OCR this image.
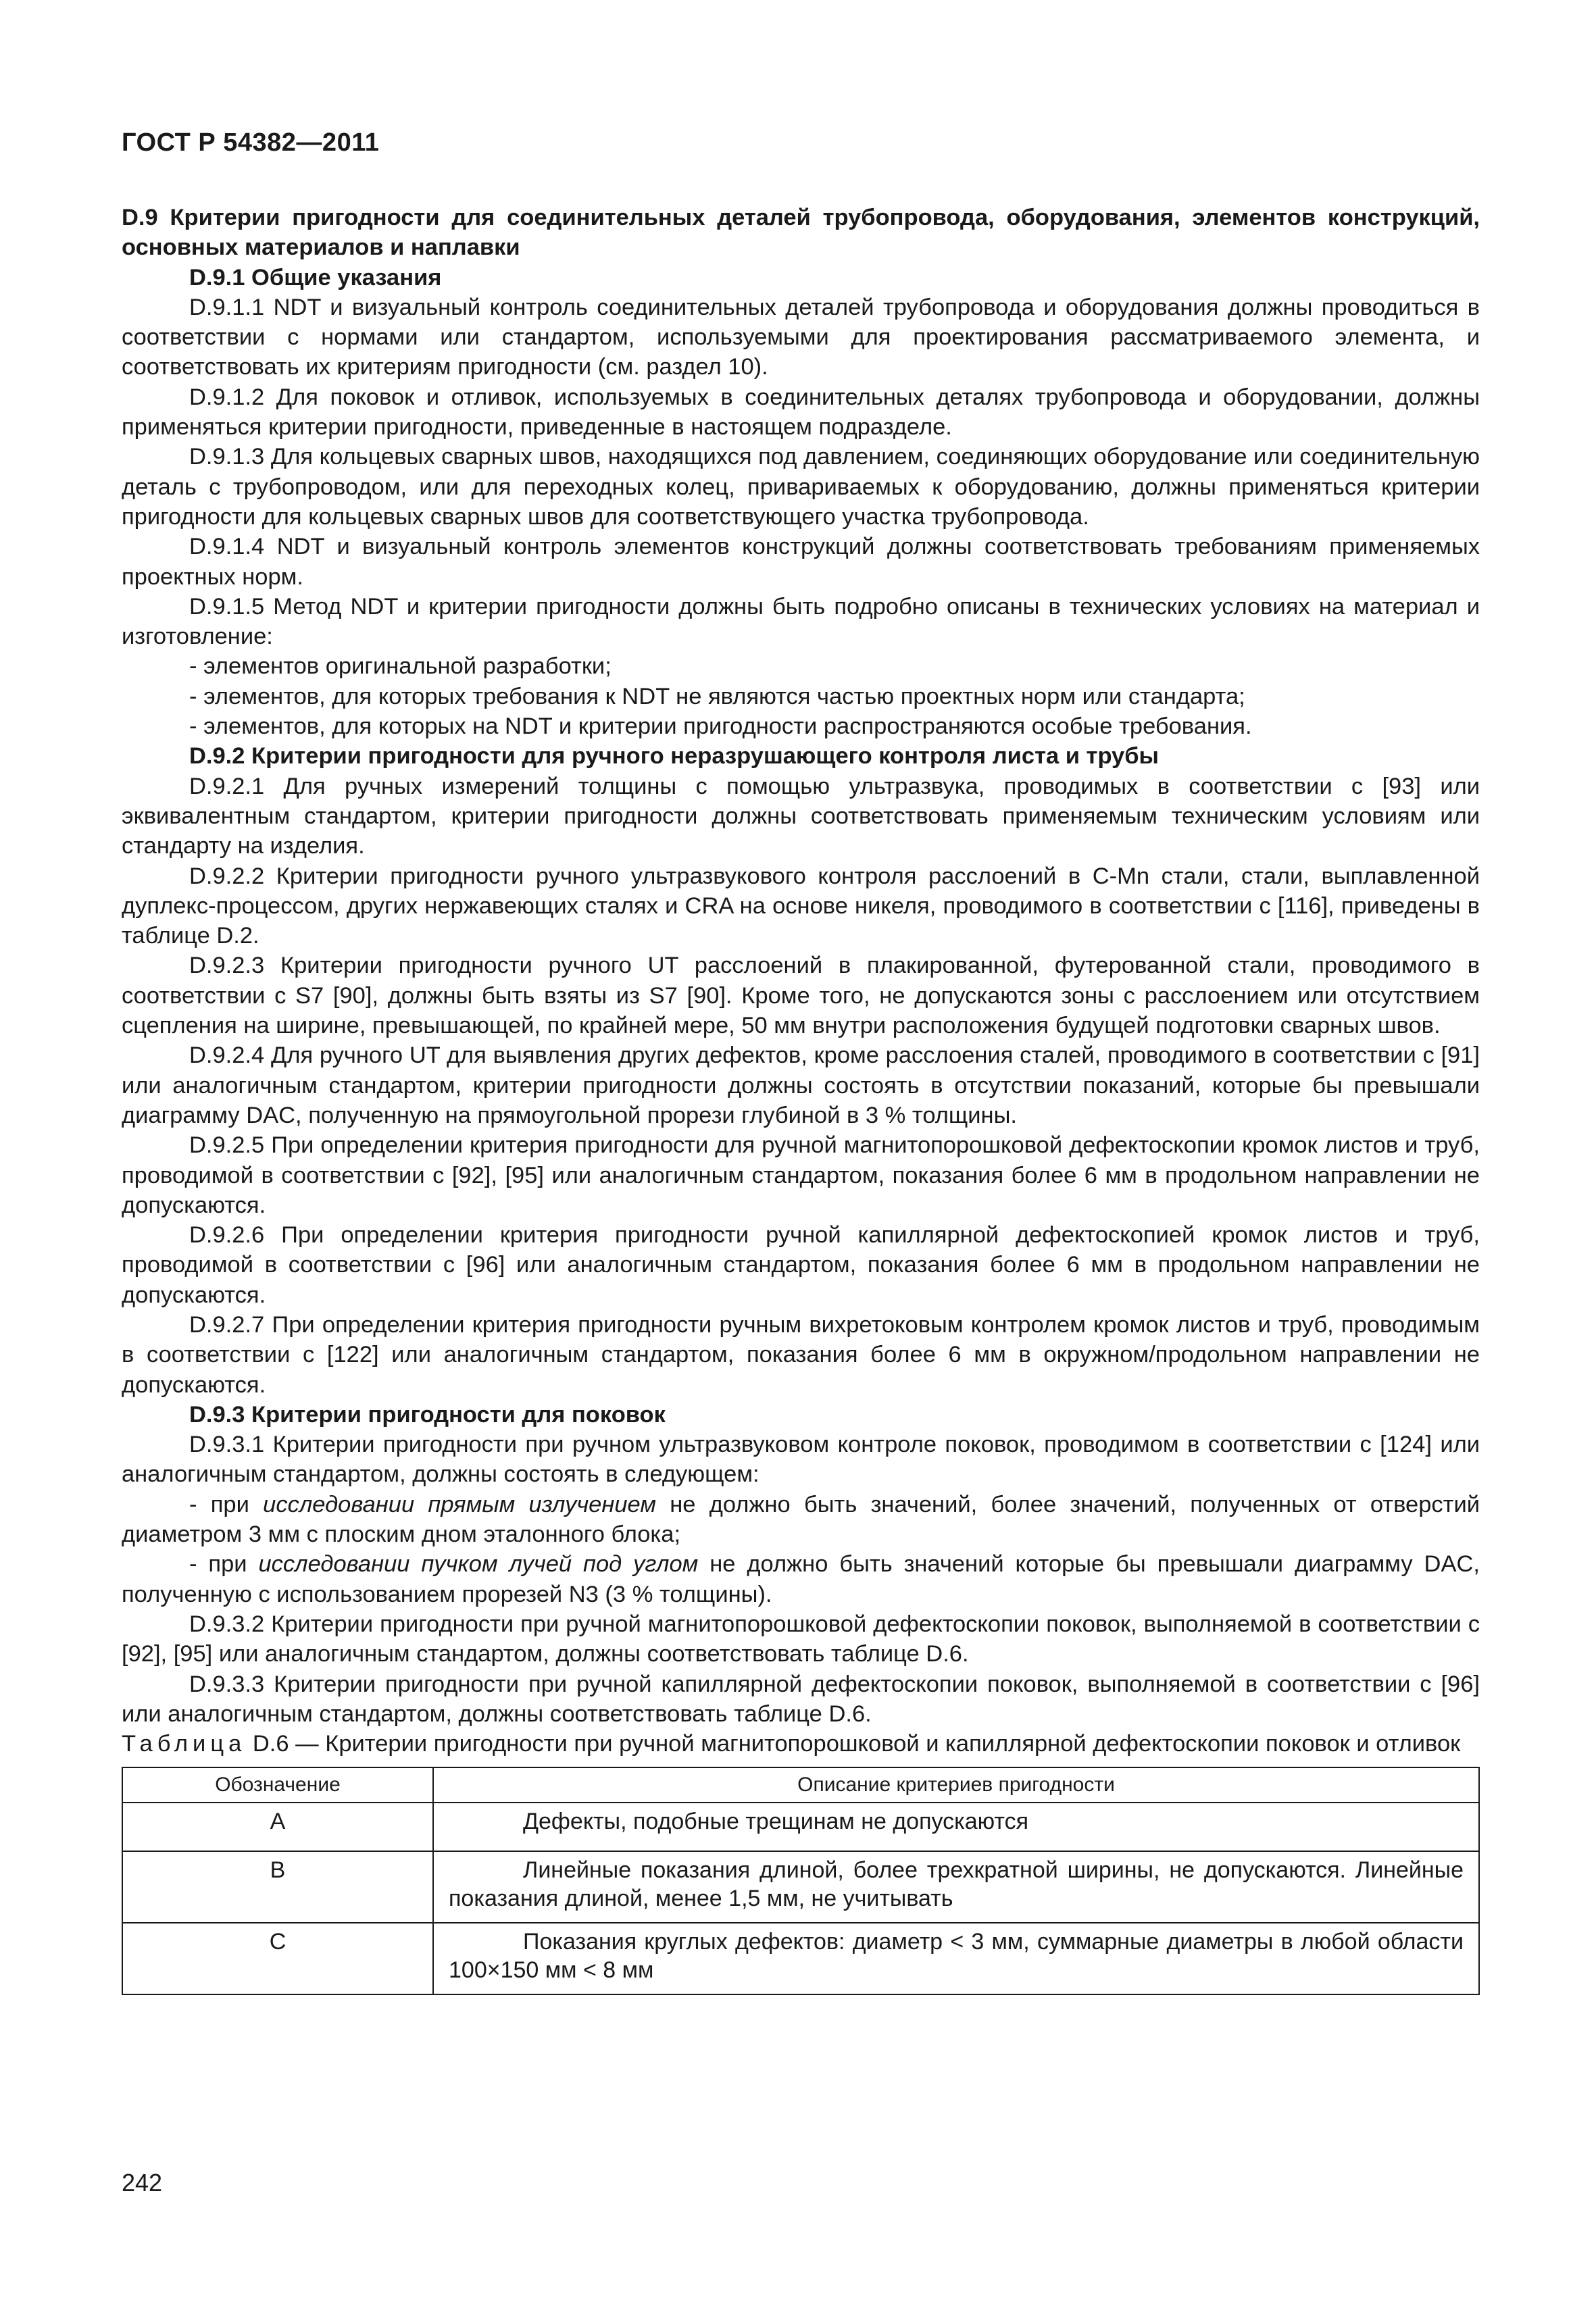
ГОСТ Р 54382—2011

D.9 Критерии пригодности для соединительных деталей трубопровода, оборудования, элементов конструкций, основных материалов и наплавки

D.9.1 Общие указания

D.9.1.1 NDT и визуальный контроль соединительных деталей трубопровода и оборудования должны проводиться в соответствии с нормами или стандартом, используемыми для проектирования рассматриваемого элемента, и соответствовать их критериям пригодности (см. раздел 10).

D.9.1.2 Для поковок и отливок, используемых в соединительных деталях трубопровода и оборудовании, должны применяться критерии пригодности, приведенные в настоящем подразделе.

D.9.1.3 Для кольцевых сварных швов, находящихся под давлением, соединяющих оборудование или соединительную деталь с трубопроводом, или для переходных колец, привариваемых к оборудованию, должны применяться критерии пригодности для кольцевых сварных швов для соответствующего участка трубопровода.

D.9.1.4 NDT и визуальный контроль элементов конструкций должны соответствовать требованиям применяемых проектных норм.

D.9.1.5 Метод NDT и критерии пригодности должны быть подробно описаны в технических условиях на материал и изготовление:

- элементов оригинальной разработки;

- элементов, для которых требования к NDT не являются частью проектных норм или стандарта;

- элементов, для которых на NDT и критерии пригодности распространяются особые требования.

D.9.2 Критерии пригодности для ручного неразрушающего контроля листа и трубы

D.9.2.1 Для ручных измерений толщины с помощью ультразвука, проводимых в соответствии с [93] или эквивалентным стандартом, критерии пригодности должны соответствовать применяемым техническим условиям или стандарту на изделия.

D.9.2.2 Критерии пригодности ручного ультразвукового контроля расслоений в C-Mn стали, стали, выплавленной дуплекс-процессом, других нержавеющих сталях и CRA на основе никеля, проводимого в соответствии с [116], приведены в таблице D.2.

D.9.2.3 Критерии пригодности ручного UT расслоений в плакированной, футерованной стали, проводимого в соответствии с S7 [90], должны быть взяты из S7 [90]. Кроме того, не допускаются зоны с расслоением или отсутствием сцепления на ширине, превышающей, по крайней мере, 50 мм внутри расположения будущей подготовки сварных швов.

D.9.2.4 Для ручного UT для выявления других дефектов, кроме расслоения сталей, проводимого в соответствии с [91] или аналогичным стандартом, критерии пригодности должны состоять в отсутствии показаний, которые бы превышали диаграмму DAC, полученную на прямоугольной прорези глубиной в 3 % толщины.

D.9.2.5 При определении критерия пригодности для ручной магнитопорошковой дефектоскопии кромок листов и труб, проводимой в соответствии с [92], [95] или аналогичным стандартом, показания более 6 мм в продольном направлении не допускаются.

D.9.2.6 При определении критерия пригодности ручной капиллярной дефектоскопией кромок листов и труб, проводимой в соответствии с [96] или аналогичным стандартом, показания более 6 мм в продольном направлении не допускаются.

D.9.2.7 При определении критерия пригодности ручным вихретоковым контролем кромок листов и труб, проводимым в соответствии с [122] или аналогичным стандартом, показания более 6 мм в окружном/продольном направлении не допускаются.

D.9.3 Критерии пригодности для поковок

D.9.3.1 Критерии пригодности при ручном ультразвуковом контроле поковок, проводимом в соответствии с [124] или аналогичным стандартом, должны состоять в следующем:

- при исследовании прямым излучением не должно быть значений, более значений, полученных от отверстий диаметром 3 мм с плоским дном эталонного блока;

- при исследовании пучком лучей под углом не должно быть значений которые бы превышали диаграмму DAC, полученную с использованием прорезей N3 (3 % толщины).

D.9.3.2 Критерии пригодности при ручной магнитопорошковой дефектоскопии поковок, выполняемой в соответствии с [92], [95] или аналогичным стандартом, должны соответствовать таблице D.6.

D.9.3.3 Критерии пригодности при ручной капиллярной дефектоскопии поковок, выполняемой в соответствии с [96] или аналогичным стандартом, должны соответствовать таблице D.6.

Таблица D.6 — Критерии пригодности при ручной магнитопорошковой и капиллярной дефектоскопии поковок и отливок

Обозначение	Описание критериев пригодности
A	Дефекты, подобные трещинам не допускаются
B	Линейные показания длиной, более трехкратной ширины, не допускаются. Линейные показания длиной, менее 1,5 мм, не учитывать
C	Показания круглых дефектов: диаметр < 3 мм, суммарные диаметры в любой области 100×150 мм < 8 мм
242
